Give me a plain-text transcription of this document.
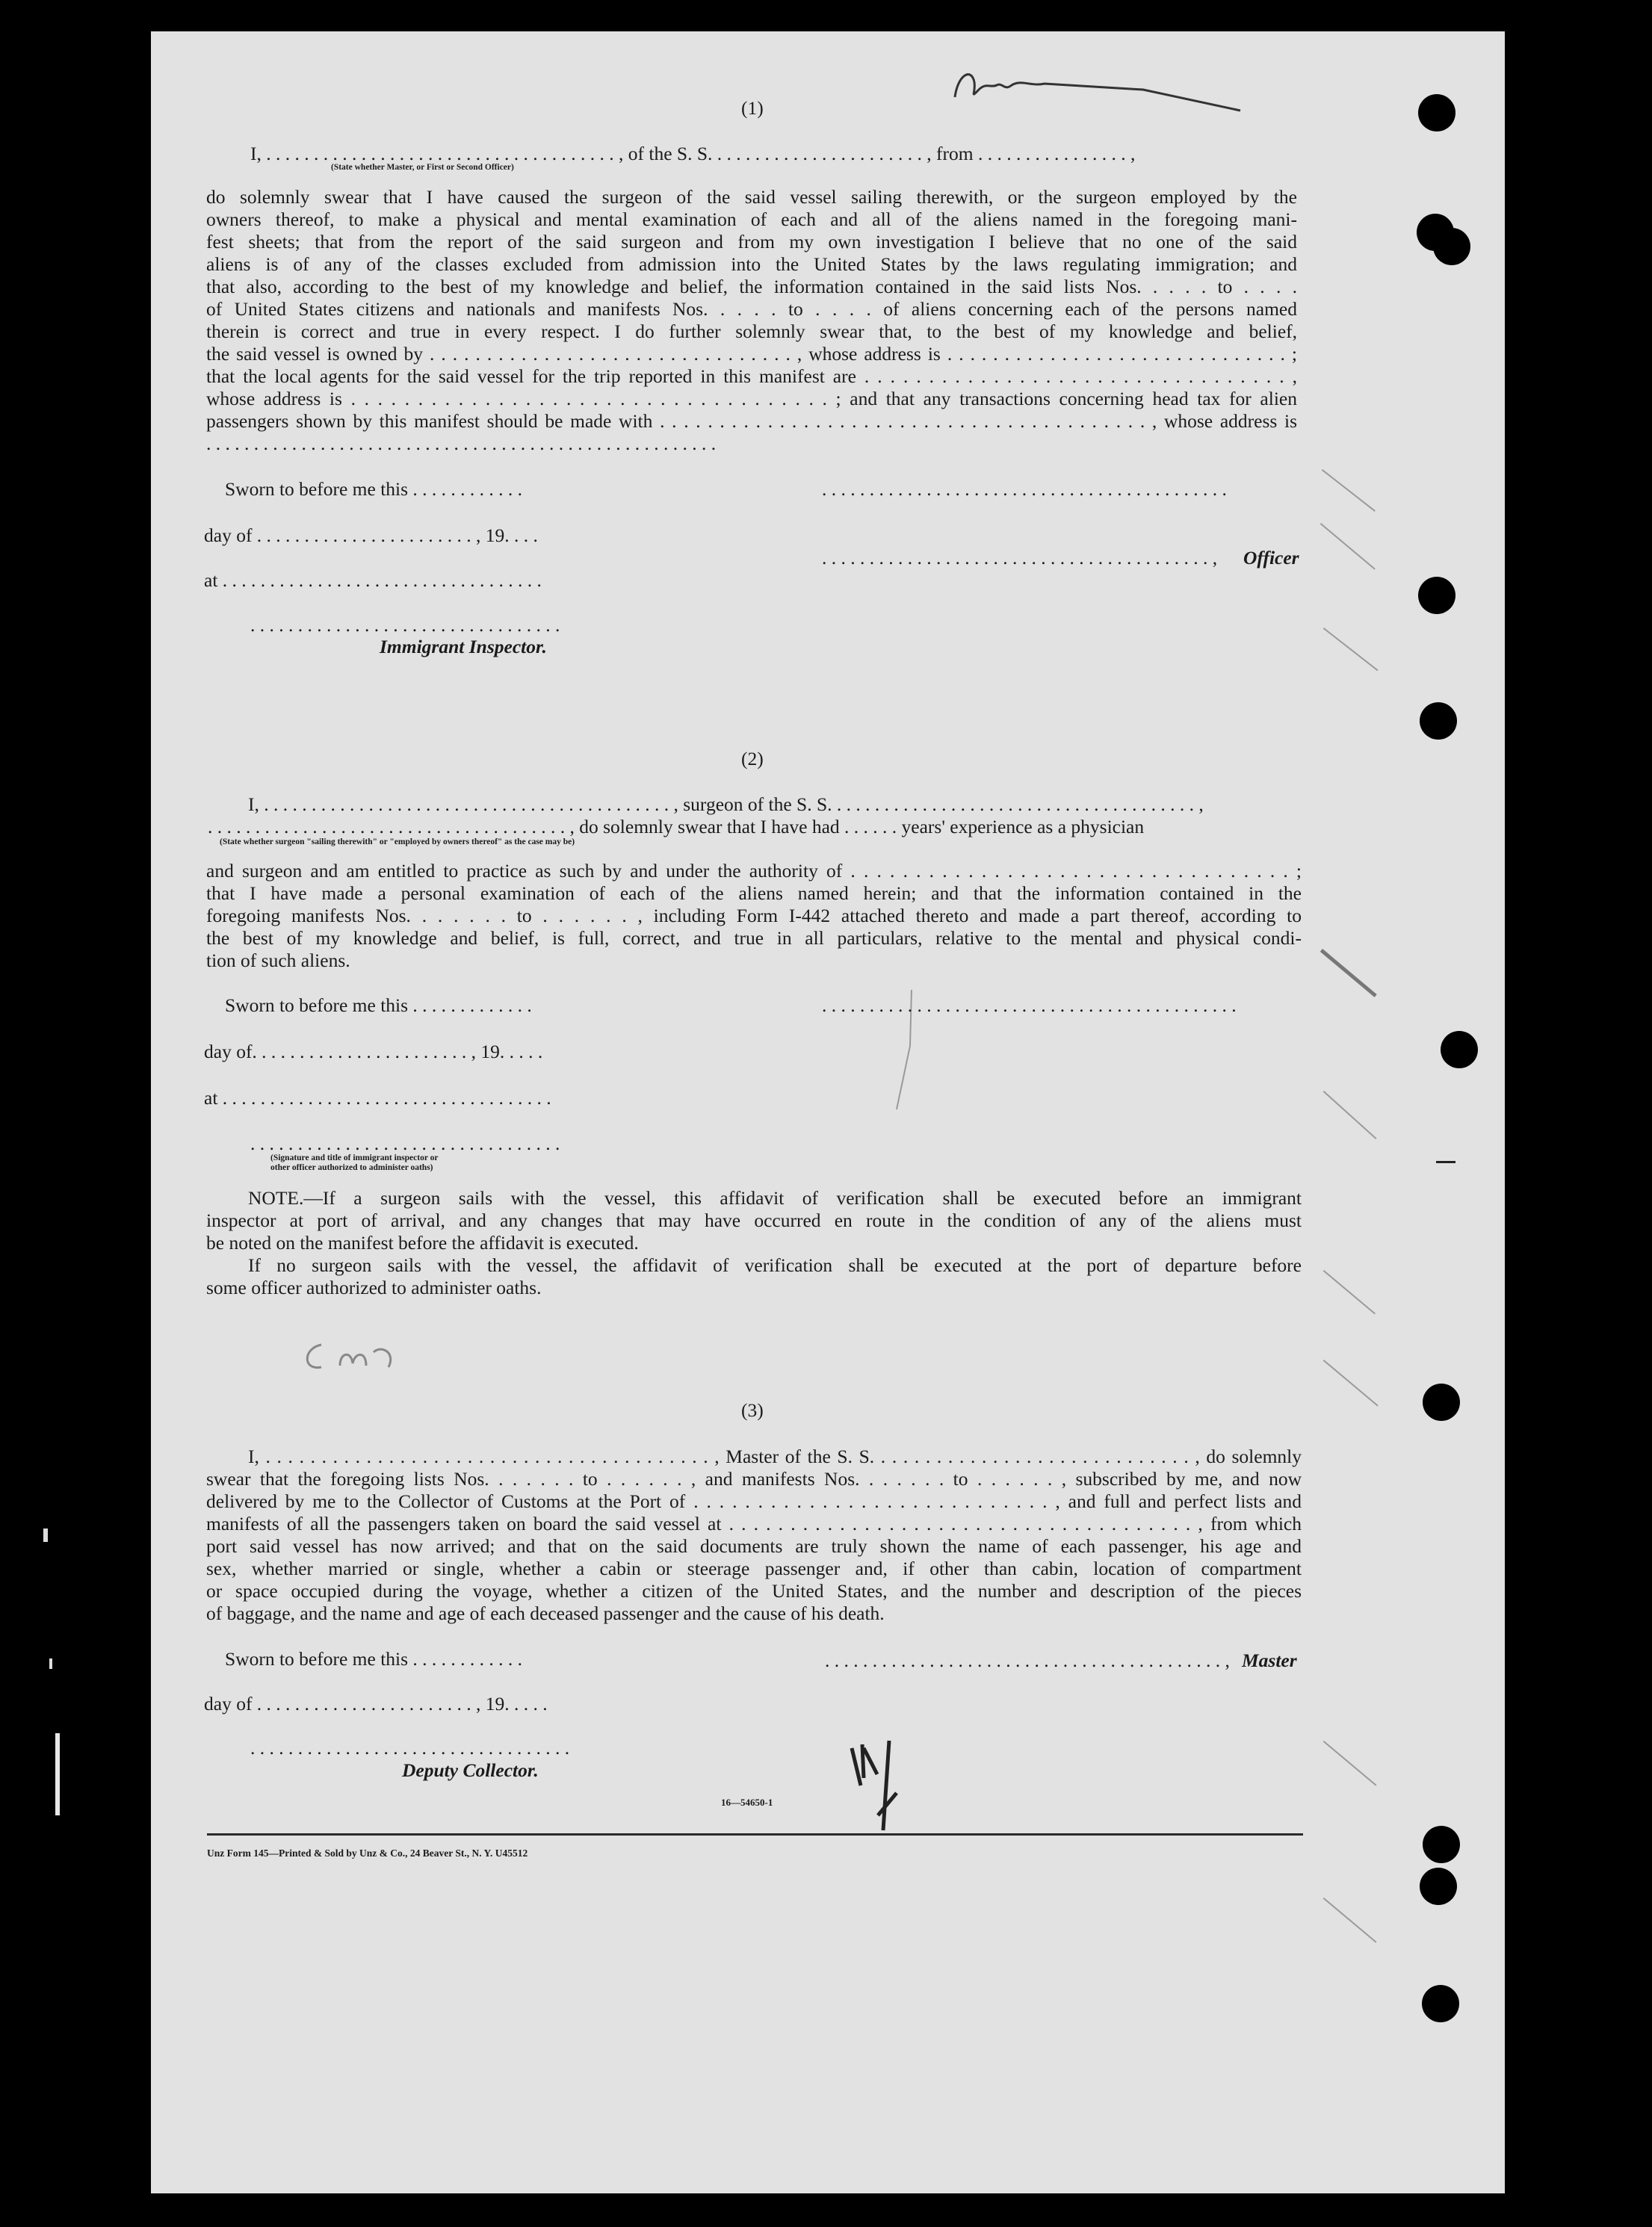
(1)

I, . . . . . . . . . . . . . . . . . . . . . . . . . . . . . . . . . . . . . , of the S. S. . . . . . . . . . . . . . . . . . . . . . . , from . . . . . . . . . . . . . . . . ,

(State whether Master, or First or Second Officer)

do solemnly swear that I have caused the surgeon of the said vessel sailing therewith, or the surgeon employed by the

owners thereof, to make a physical and mental examination of each and all of the aliens named in the foregoing mani-

fest sheets; that from the report of the said surgeon and from my own investigation I believe that no one of the said

aliens is of any of the classes excluded from admission into the United States by the laws regulating immigration; and

that also, according to the best of my knowledge and belief, the information contained in the said lists Nos. . . . . to . . . .

of United States citizens and nationals and manifests Nos. . . . . to . . . . of aliens concerning each of the persons named

therein is correct and true in every respect. I do further solemnly swear that, to the best of my knowledge and belief,

the said vessel is owned by . . . . . . . . . . . . . . . . . . . . . . . . . . . . . . . . , whose address is . . . . . . . . . . . . . . . . . . . . . . . . . . . . . . ;

that the local agents for the said vessel for the trip reported in this manifest are . . . . . . . . . . . . . . . . . . . . . . . . . . . . . . . . . ,

whose address is . . . . . . . . . . . . . . . . . . . . . . . . . . . . . . . . . . . . ; and that any transactions concerning head tax for alien

passengers shown by this manifest should be made with . . . . . . . . . . . . . . . . . . . . . . . . . . . . . . . . . . . . . . . . . , whose address is

. . . . . . . . . . . . . . . . . . . . . . . . . . . . . . . . . . . . . . . . . . . . . . . . . . . . . .

Sworn to before me this . . . . . . . . . . . .	. . . . . . . . . . . . . . . . . . . . . . . . . . . . . . . . . . . . . . . . . . .

day of . . . . . . . . . . . . . . . . . . . . . . . , 19. . . .

. . . . . . . . . . . . . . . . . . . . . . . . . . . . . . . . . . . . . . . . . , Officer

at . . . . . . . . . . . . . . . . . . . . . . . . . . . . . . . . . .

. . . . . . . . . . . . . . . . . . . . . . . . . . . . . . . . .

Immigrant Inspector.

(2)

I, . . . . . . . . . . . . . . . . . . . . . . . . . . . . . . . . . . . . . . . . . . . , surgeon of the S. S. . . . . . . . . . . . . . . . . . . . . . . . . . . . . . . . . . . . . . . ,

. . . . . . . . . . . . . . . . . . . . . . . . . . . . . . . . . . . . . . , do solemnly swear that I have had . . . . . . years' experience as a physician

(State whether surgeon "sailing therewith" or "employed by owners thereof" as the case may be)

and surgeon and am entitled to practice as such by and under the authority of . . . . . . . . . . . . . . . . . . . . . . . . . . . . . . . . . . ;

that I have made a personal examination of each of the aliens named herein; and that the information contained in the

foregoing manifests Nos. . . . . . . to . . . . . . , including Form I-442 attached thereto and made a part thereof, according to

the best of my knowledge and belief, is full, correct, and true in all particulars, relative to the mental and physical condi-

tion of such aliens.

Sworn to before me this . . . . . . . . . . . . .	. . . . . . . . . . . . . . . . . . . . . . . . . . . . . . . . . . . . . . . . . . . .

day of. . . . . . . . . . . . . . . . . . . . . . . , 19. . . . .

at . . . . . . . . . . . . . . . . . . . . . . . . . . . . . . . . . . .

. . . . . . . . . . . . . . . . . . . . . . . . . . . . . . . . .

(Signature and title of immigrant inspector or

other officer authorized to administer oaths)

NOTE.—If a surgeon sails with the vessel, this affidavit of verification shall be executed before an immigrant

inspector at port of arrival, and any changes that may have occurred en route in the condition of any of the aliens must

be noted on the manifest before the affidavit is executed.

If no surgeon sails with the vessel, the affidavit of verification shall be executed at the port of departure before

some officer authorized to administer oaths.

(3)

I, . . . . . . . . . . . . . . . . . . . . . . . . . . . . . . . . . . . . . . . . , Master of the S. S. . . . . . . . . . . . . . . . . . . . . . . . . . . . . , do solemnly

swear that the foregoing lists Nos. . . . . . . to . . . . . . , and manifests Nos. . . . . . . to . . . . . . , subscribed by me, and now

delivered by me to the Collector of Customs at the Port of . . . . . . . . . . . . . . . . . . . . . . . . . . . . , and full and perfect lists and

manifests of all the passengers taken on board the said vessel at . . . . . . . . . . . . . . . . . . . . . . . . . . . . . . . . . . . . . . , from which

port said vessel has now arrived; and that on the said documents are truly shown the name of each passenger, his age and

sex, whether married or single, whether a cabin or steerage passenger and, if other than cabin, location of compartment

or space occupied during the voyage, whether a citizen of the United States, and the number and description of the pieces

of baggage, and the name and age of each deceased passenger and the cause of his death.

Sworn to before me this . . . . . . . . . . . .	. . . . . . . . . . . . . . . . . . . . . . . . . . . . . . . . . . . . . . . . . . , Master

day of . . . . . . . . . . . . . . . . . . . . . . . , 19. . . . .

. . . . . . . . . . . . . . . . . . . . . . . . . . . . . . . . . .

Deputy Collector.

16—54650-1

Unz Form 145—Printed & Sold by Unz & Co., 24 Beaver St., N. Y. U45512
